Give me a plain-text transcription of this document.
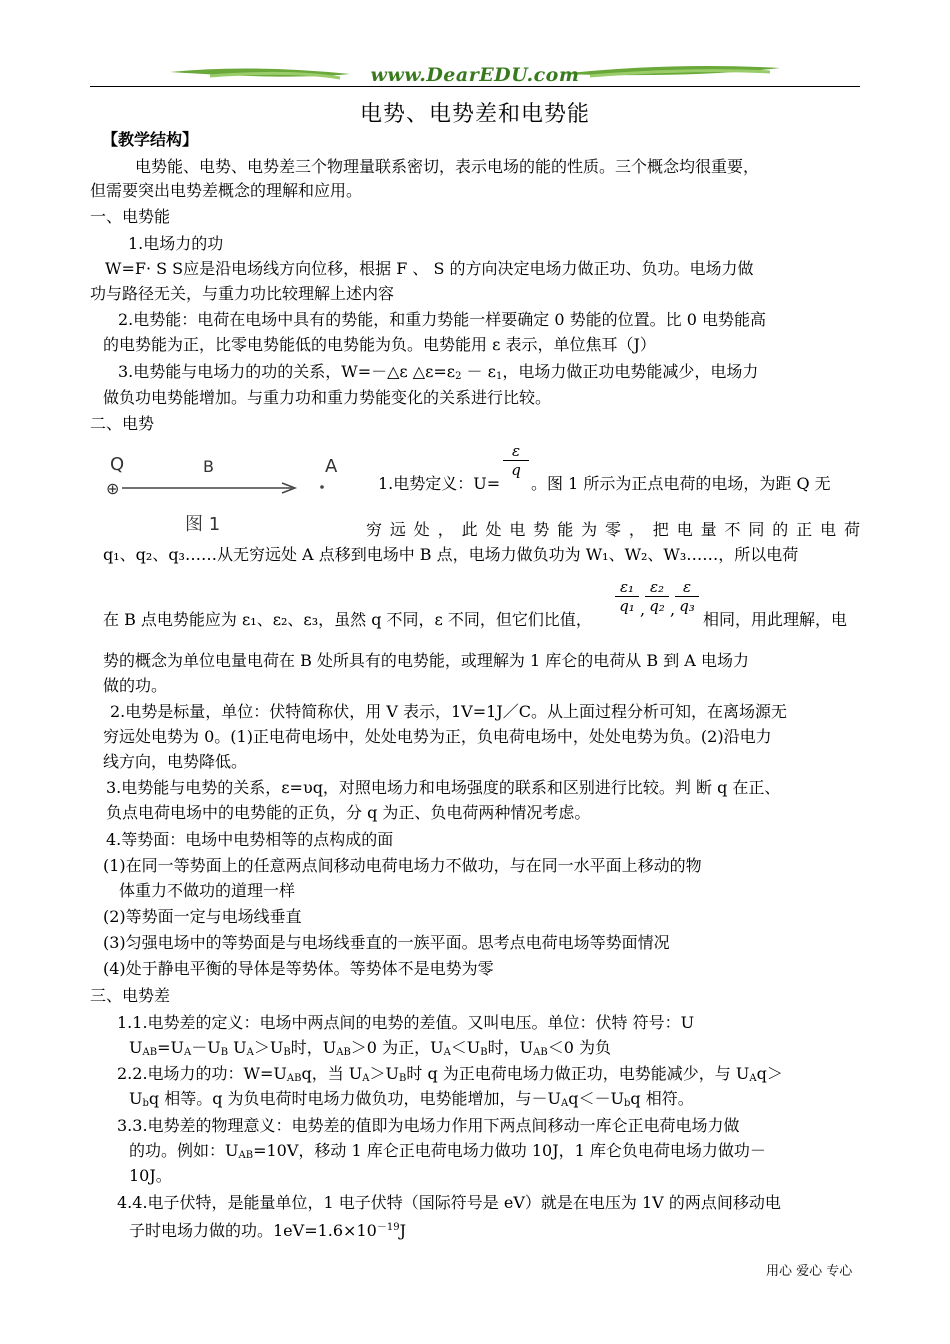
www.DearEDU.com
电势、电势差和电势能
【教学结构】
电势能、电势、电势差三个物理量联系密切，表示电场的能的性质。三个概念均很重要，
但需要突出电势差概念的理解和应用。
一、电势能
1.电场力的功
W=F· S S应是沿电场线方向位移，根据 F 、 S 的方向决定电场力做正功、负功。电场力做
功与路径无关，与重力功比较理解上述内容
2.电势能：电荷在电场中具有的势能，和重力势能一样要确定 0 势能的位置。比 0 电势能高
的电势能为正，比零电势能低的电势能为负。电势能用 ε 表示，单位焦耳（J）
3.电势能与电场力的功的关系，W=－△ε $\triangle\varepsilon=\varepsilon_2 - \varepsilon_1$，电场力做正功电势能减少，电场力
做负功电势能增加。与重力功和重力势能变化的关系进行比较。
二、电势
Q	B	A
⊕
图 1
$\frac{\varepsilon}{q}$
1.电势定义：U= 。图 1 所示为正点电荷的电场，为距 Q 无
穷远处，此处电势能为零，把电量不同的正电荷
q₁、q₂、q₃……从无穷远处 A 点移到电场中 B 点，电场力做负功为 W₁、W₂、W₃……，所以电荷
$\frac{\text{ε₁}}{\text{q₁}}$ , $\frac{\text{ε₂}}{\text{q₂}}$ , $\frac{\varepsilon}{\text{q₃}}$
在 B 点电势能应为 ε₁、ε₂、ε₃，虽然 q 不同，ε 不同，但它们比值，	相同，用此理解，电
势的概念为单位电量电荷在 B 处所具有的电势能，或理解为 1 库仑的电荷从 B 到 A 电场力
做的功。
2.电势是标量，单位：伏特简称伏，用 V 表示，1V=1J／C。从上面过程分析可知，在离场源无
穷远处电势为 0。(1)正电荷电场中，处处电势为正，负电荷电场中，处处电势为负。(2)沿电力
线方向，电势降低。
3.电势能与电势的关系，ε=υq，对照电场力和电场强度的联系和区别进行比较。判 断 q 在正、
负点电荷电场中的电势能的正负，分 q 为正、负电荷两种情况考虑。
4.等势面：电场中电势相等的点构成的面
(1)在同一等势面上的任意两点间移动电荷电场力不做功，与在同一水平面上移动的物
体重力不做功的道理一样
(2)等势面一定与电场线垂直
(3)匀强电场中的等势面是与电场线垂直的一族平面。思考点电荷电场等势面情况
(4)处于静电平衡的导体是等势体。等势体不是电势为零
三、电势差
1.1.电势差的定义：电场中两点间的电势的差值。又叫电压。单位：伏特 符号：U
$U_{AB}=U_A-U_B$ $U_A>U_B$时，$U_{AB}>0$ 为正，$U_A<U_B$时，$U_{AB}<0$ 为负
2.2.电场力的功：$W=U_{AB}q$，当 $U_A>U_B$时 q 为正电荷电场力做正功，电势能减少，与 $U_Aq>$
$U_bq$ 相等。q 为负电荷时电场力做负功，电势能增加，与$-U_Aq<-U_bq$ 相符。
3.3.电势差的物理意义：电势差的值即为电场力作用下两点间移动一库仑正电荷电场力做
的功。例如：$U_{AB}=10V$，移动 1 库仑正电荷电场力做功 10J，1 库仑负电荷电场力做功－
10J。
4.4.电子伏特，是能量单位，1 电子伏特（国际符号是 eV）就是在电压为 1V 的两点间移动电
子时电场力做的功。$1eV=1.6\times 10^{-19}J$
用心 爱心 专心
